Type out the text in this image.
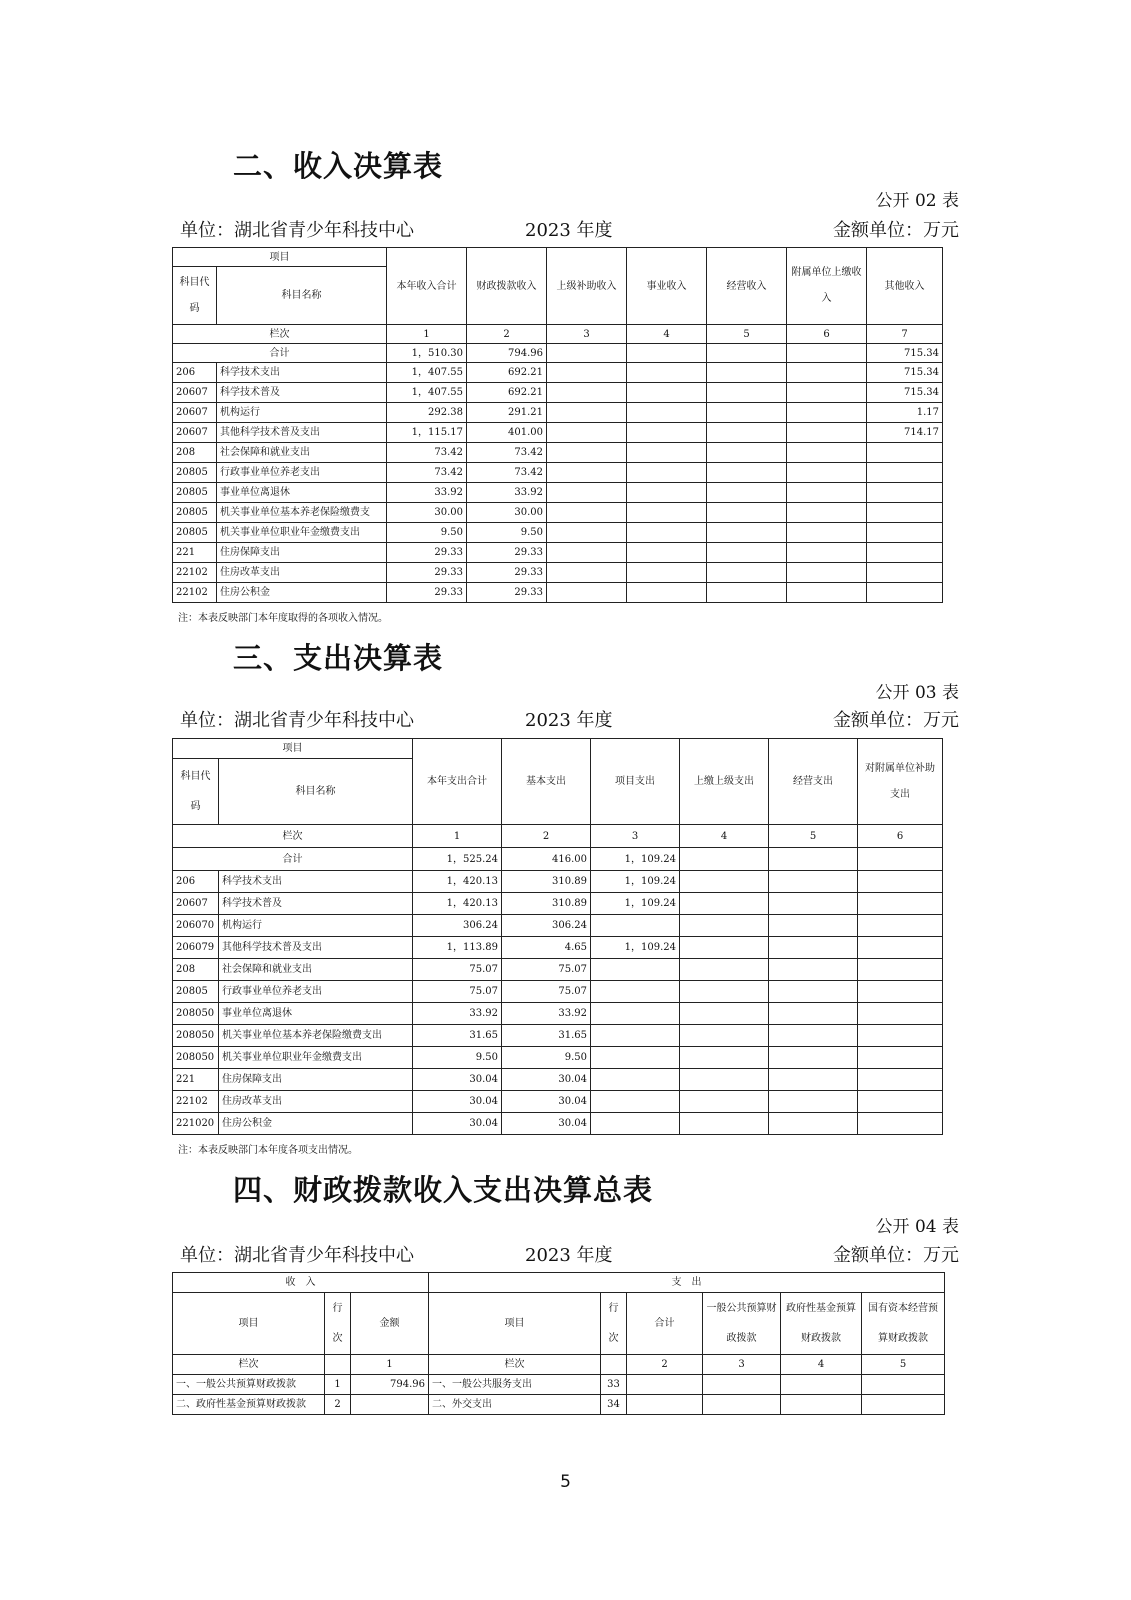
二、收入决算表
公开 02 表
单位：湖北省青少年科技中心	2023 年度	金额单位：万元
项目		本年收入合计	财政拨款收入	上级补助收入	事业收入	经营收入	附属单位上缴收入	其他收入
科目代码	科目名称							
栏次		1	2	3	4	5	6	7
合计		1，510.30	794.96					715.34
206	科学技术支出	1，407.55	692.21					715.34
20607	科学技术普及	1，407.55	692.21					715.34
20607	机构运行	292.38	291.21					1.17
20607	其他科学技术普及支出	1，115.17	401.00					714.17
208	社会保障和就业支出	73.42	73.42					
20805	行政事业单位养老支出	73.42	73.42					
20805	事业单位离退休	33.92	33.92					
20805	机关事业单位基本养老保险缴费支	30.00	30.00					
20805	机关事业单位职业年金缴费支出	9.50	9.50					
221	住房保障支出	29.33	29.33					
22102	住房改革支出	29.33	29.33					
22102	住房公积金	29.33	29.33					
注：本表反映部门本年度取得的各项收入情况。
三、支出决算表
公开 03 表
单位：湖北省青少年科技中心	2023 年度	金额单位：万元
项目		本年支出合计	基本支出	项目支出	上缴上级支出	经营支出	对附属单位补助支出
科目代码	科目名称						
栏次		1	2	3	4	5	6
合计		1，525.24	416.00	1，109.24			
206	科学技术支出	1，420.13	310.89	1，109.24			
20607	科学技术普及	1，420.13	310.89	1，109.24			
206070	机构运行	306.24	306.24				
206079	其他科学技术普及支出	1，113.89	4.65	1，109.24			
208	社会保障和就业支出	75.07	75.07				
20805	行政事业单位养老支出	75.07	75.07				
208050	事业单位离退休	33.92	33.92				
208050	机关事业单位基本养老保险缴费支出	31.65	31.65				
208050	机关事业单位职业年金缴费支出	9.50	9.50				
221	住房保障支出	30.04	30.04				
22102	住房改革支出	30.04	30.04				
221020	住房公积金	30.04	30.04				
注：本表反映部门本年度各项支出情况。
四、财政拨款收入支出决算总表
公开 04 表
单位：湖北省青少年科技中心	2023 年度	金额单位：万元
收　入			支　出					
项目	行次	金额	项目	行次	合计	一般公共预算财政拨款	政府性基金预算财政拨款	国有资本经营预算财政拨款
栏次		1	栏次		2	3	4	5
一、一般公共预算财政拨款	1	794.96	一、一般公共服务支出	33				
二、政府性基金预算财政拨款	2		二、外交支出	34				
5
